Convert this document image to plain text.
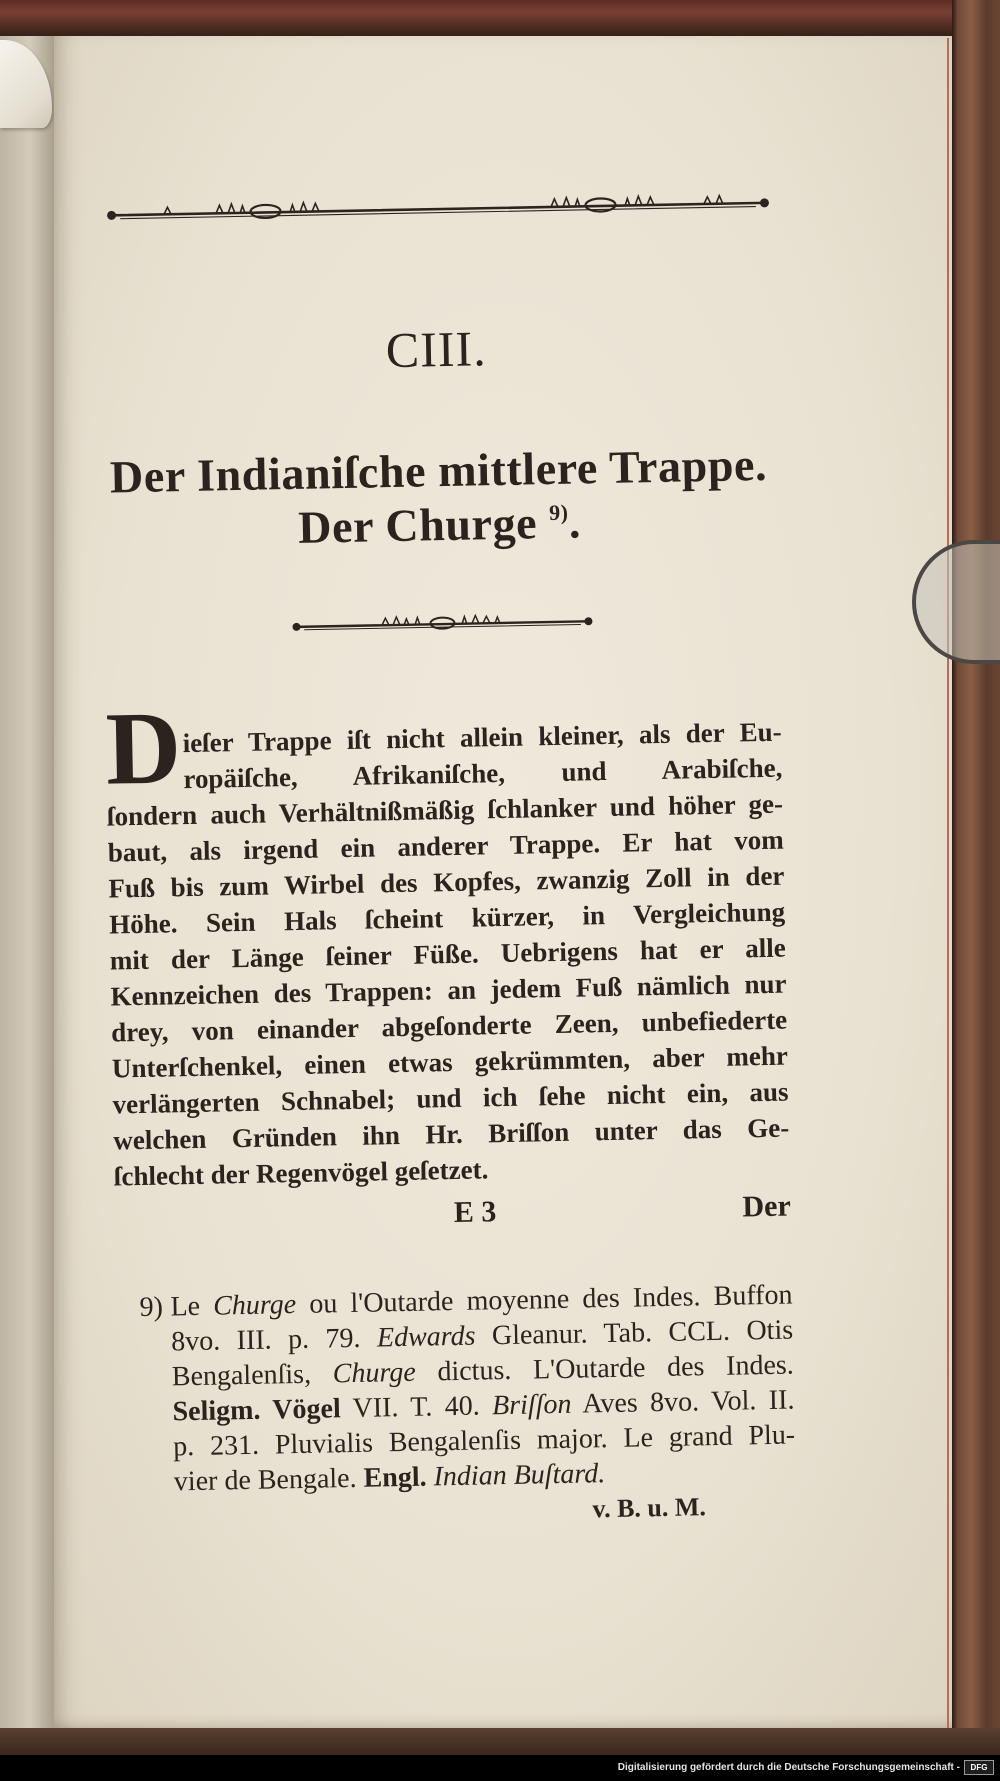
CIII.
Der Indianiſche mittlere Trappe.
Der Churge $^{9)}$.
D ieſer Trappe iſt nicht allein kleiner, als der Eu-
ropäiſche, Afrikaniſche, und Arabiſche,
ſondern auch Verhältnißmäßig ſchlanker und höher ge-
baut, als irgend ein anderer Trappe. Er hat vom
Fuß bis zum Wirbel des Kopfes, zwanzig Zoll in der
Höhe. Sein Hals ſcheint kürzer, in Vergleichung
mit der Länge ſeiner Füße. Uebrigens hat er alle
Kennzeichen des Trappen: an jedem Fuß nämlich nur
drey, von einander abgeſonderte Zeen, unbefiederte
Unterſchenkel, einen etwas gekrümmten, aber mehr
verlängerten Schnabel; und ich ſehe nicht ein, aus
welchen Gründen ihn Hr. Briſſon unter das Ge-
ſchlecht der Regenvögel geſetzet.
E 3	Der
9) Le Churge ou l'Outarde moyenne des Indes. Buffon
8vo. III. p. 79. Edwards Gleanur. Tab. CCL. Otis
Bengalenſis, Churge dictus. L'Outarde des Indes.
Seligm. Vögel VII. T. 40. Briſſon Aves 8vo. Vol. II.
p. 231. Pluvialis Bengalenſis major. Le grand Plu-
vier de Bengale. Engl. Indian Buſtard.
v. B. u. M.
Digitalisierung gefördert durch die Deutsche Forschungsgemeinschaft -	DFG
